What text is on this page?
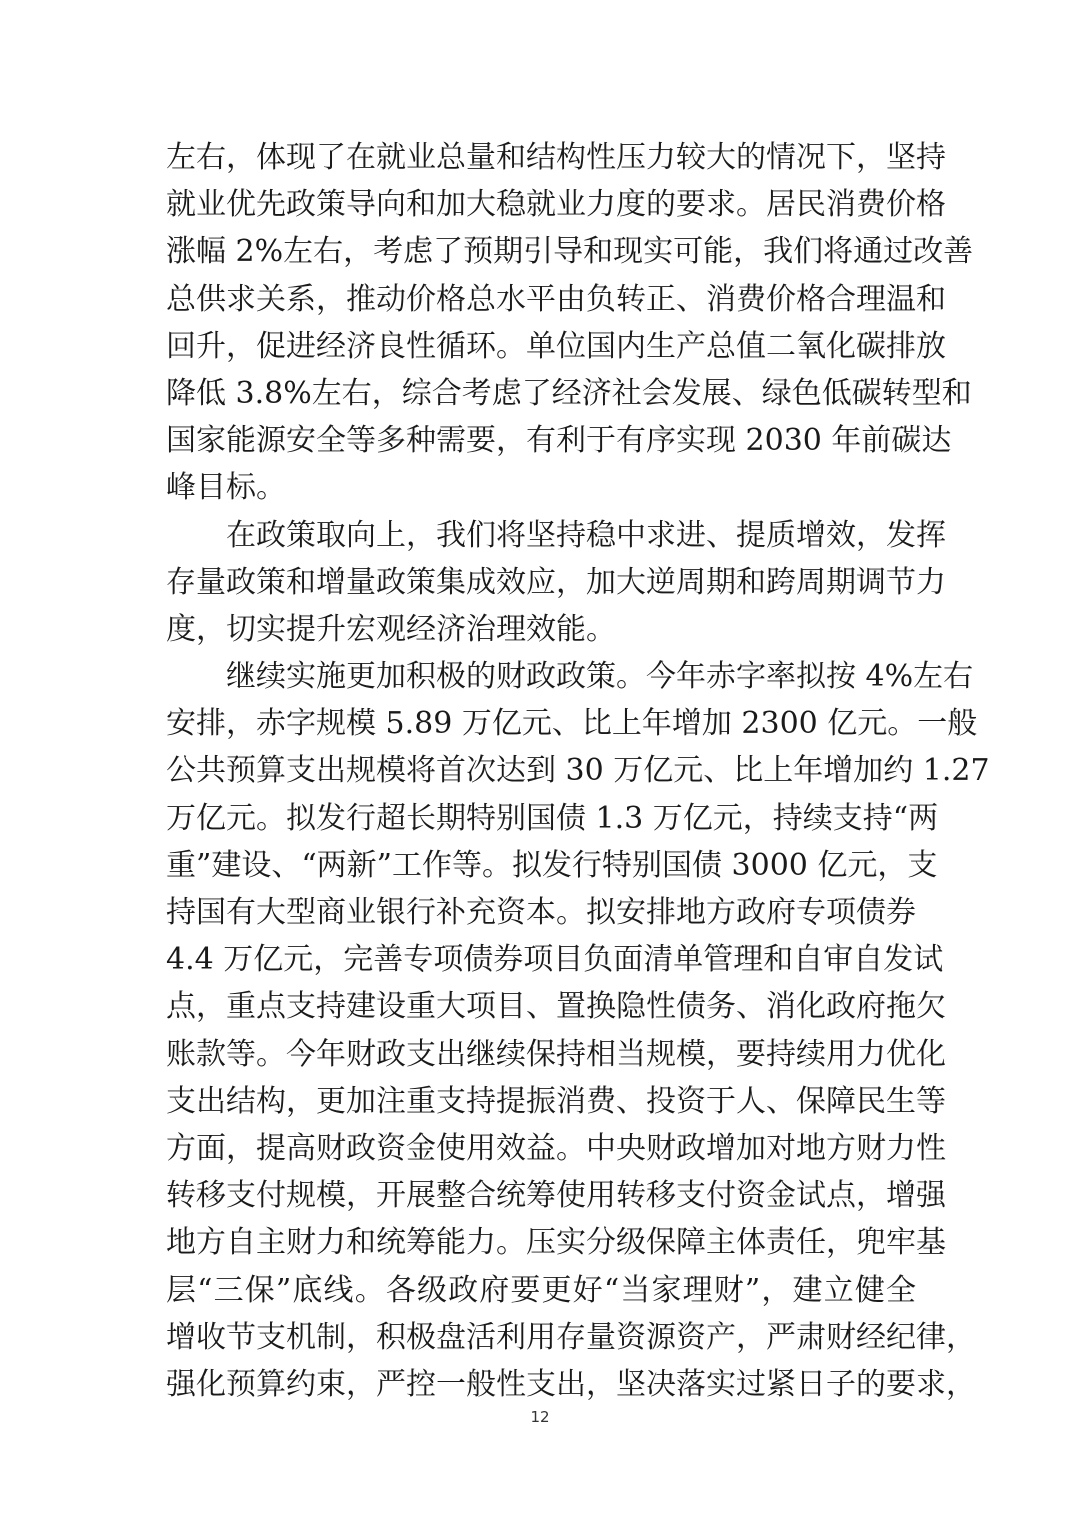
左右，体现了在就业总量和结构性压力较大的情况下，坚持
就业优先政策导向和加大稳就业力度的要求。居民消费价格
涨幅 2%左右，考虑了预期引导和现实可能，我们将通过改善
总供求关系，推动价格总水平由负转正、消费价格合理温和
回升，促进经济良性循环。单位国内生产总值二氧化碳排放
降低 3.8%左右，综合考虑了经济社会发展、绿色低碳转型和
国家能源安全等多种需要，有利于有序实现 2030 年前碳达
峰目标。
在政策取向上，我们将坚持稳中求进、提质增效，发挥
存量政策和增量政策集成效应，加大逆周期和跨周期调节力
度，切实提升宏观经济治理效能。
继续实施更加积极的财政政策。今年赤字率拟按 4%左右
安排，赤字规模 5.89 万亿元、比上年增加 2300 亿元。一般
公共预算支出规模将首次达到 30 万亿元、比上年增加约 1.27
万亿元。拟发行超长期特别国债 1.3 万亿元，持续支持“两
重”建设、“两新”工作等。拟发行特别国债 3000 亿元，支
持国有大型商业银行补充资本。拟安排地方政府专项债券
4.4 万亿元，完善专项债券项目负面清单管理和自审自发试
点，重点支持建设重大项目、置换隐性债务、消化政府拖欠
账款等。今年财政支出继续保持相当规模，要持续用力优化
支出结构，更加注重支持提振消费、投资于人、保障民生等
方面，提高财政资金使用效益。中央财政增加对地方财力性
转移支付规模，开展整合统筹使用转移支付资金试点，增强
地方自主财力和统筹能力。压实分级保障主体责任，兜牢基
层“三保”底线。各级政府要更好“当家理财”，建立健全
增收节支机制，积极盘活利用存量资源资产，严肃财经纪律，
强化预算约束，严控一般性支出，坚决落实过紧日子的要求，
12
